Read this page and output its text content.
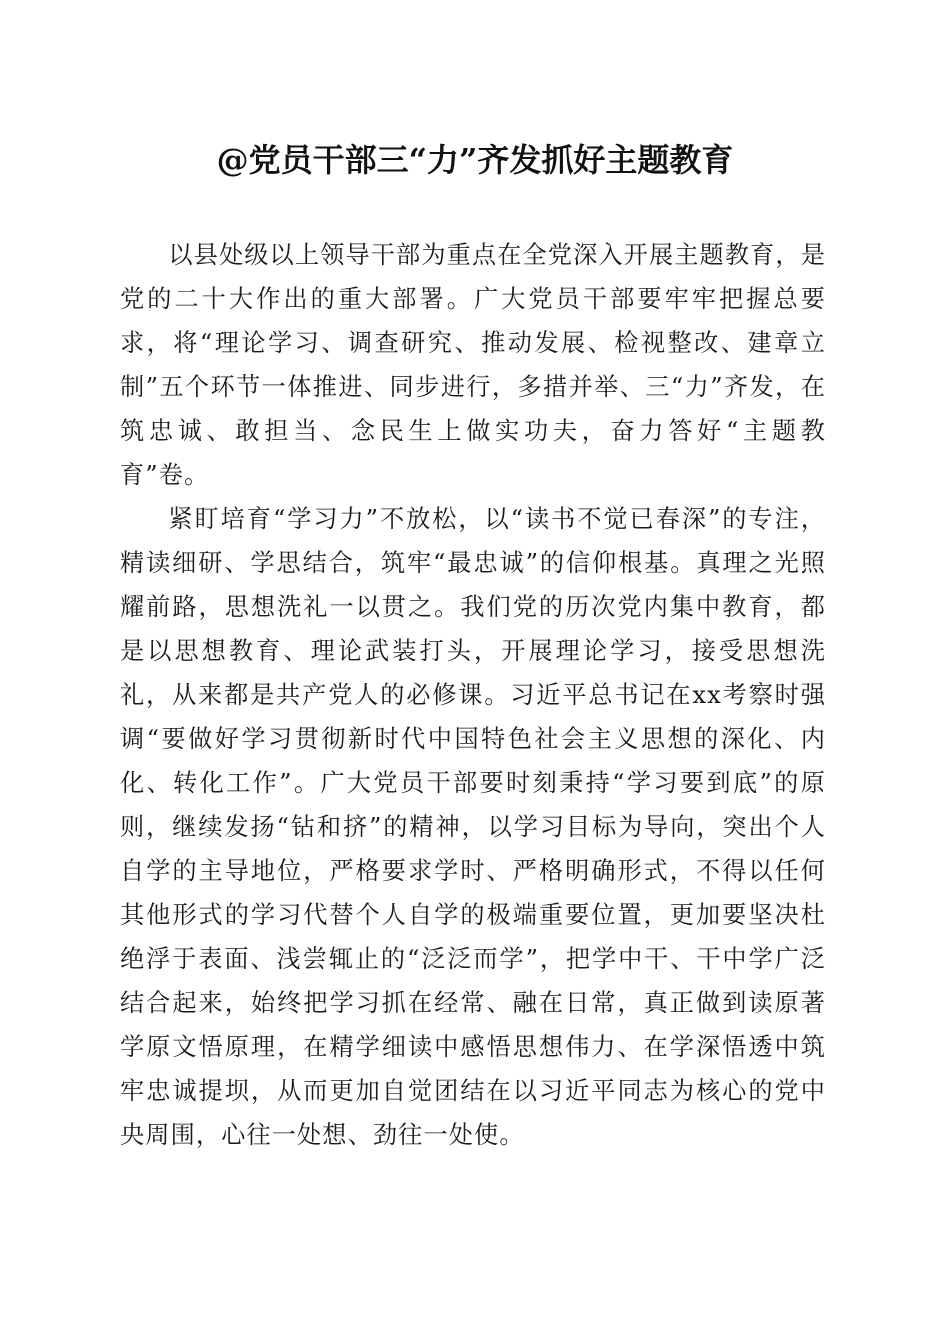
@党员干部三“力”齐发抓好主题教育

以县处级以上领导干部为重点在全党深入开展主题教育，是党的二十大作出的重大部署。广大党员干部要牢牢把握总要求，将“理论学习、调查研究、推动发展、检视整改、建章立制”五个环节一体推进、同步进行，多措并举、三“力”齐发，在筑忠诚、敢担当、念民生上做实功夫，奋力答好“主题教育”卷。

紧盯培育“学习力”不放松，以“读书不觉已春深”的专注，精读细研、学思结合，筑牢“最忠诚”的信仰根基。真理之光照耀前路，思想洗礼一以贯之。我们党的历次党内集中教育，都是以思想教育、理论武装打头，开展理论学习，接受思想洗礼，从来都是共产党人的必修课。习近平总书记在xx考察时强调“要做好学习贯彻新时代中国特色社会主义思想的深化、内化、转化工作”。广大党员干部要时刻秉持“学习要到底”的原则，继续发扬“钻和挤”的精神，以学习目标为导向，突出个人自学的主导地位，严格要求学时、严格明确形式，不得以任何其他形式的学习代替个人自学的极端重要位置，更加要坚决杜绝浮于表面、浅尝辄止的“泛泛而学”，把学中干、干中学广泛结合起来，始终把学习抓在经常、融在日常，真正做到读原著学原文悟原理，在精学细读中感悟思想伟力、在学深悟透中筑牢忠诚提坝，从而更加自觉团结在以习近平同志为核心的党中央周围，心往一处想、劲往一处使。
